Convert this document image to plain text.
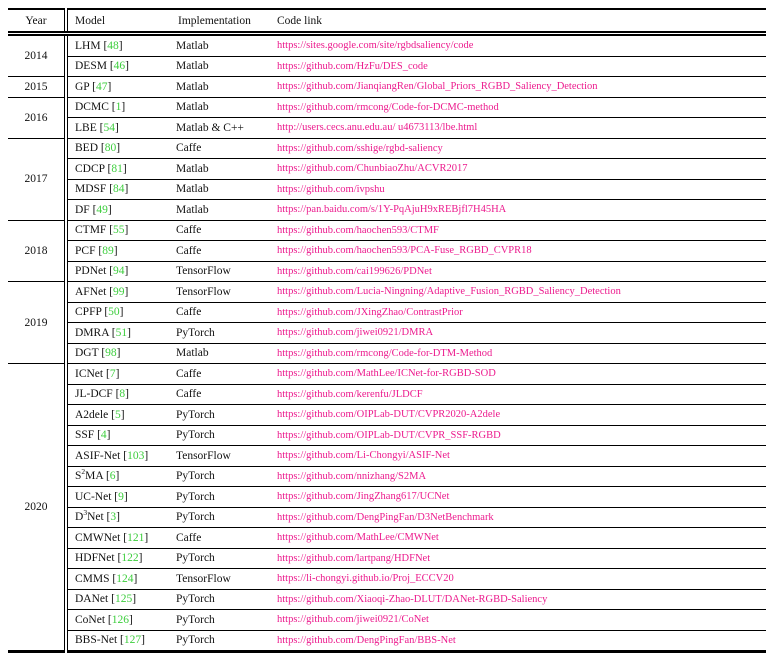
Year	Model	Implementation	Code link
2014	LHM [48]	Matlab	https://sites.google.com/site/rgbdsaliency/code
	DESM [46]	Matlab	https://github.com/HzFu/DES_code
2015	GP [47]	Matlab	https://github.com/JianqiangRen/Global_Priors_RGBD_Saliency_Detection
2016	DCMC [1]	Matlab	https://github.com/rmcong/Code-for-DCMC-method
	LBE [54]	Matlab & C++	http://users.cecs.anu.edu.au/ u4673113/lbe.html
2017	BED [80]	Caffe	https://github.com/sshige/rgbd-saliency
	CDCP [81]	Matlab	https://github.com/ChunbiaoZhu/ACVR2017
	MDSF [84]	Matlab	https://github.com/ivpshu
	DF [49]	Matlab	https://pan.baidu.com/s/1Y-PqAjuH9xREBjfl7H45HA
2018	CTMF [55]	Caffe	https://github.com/haochen593/CTMF
	PCF [89]	Caffe	https://github.com/haochen593/PCA-Fuse_RGBD_CVPR18
	PDNet [94]	TensorFlow	https://github.com/cai199626/PDNet
2019	AFNet [99]	TensorFlow	https://github.com/Lucia-Ningning/Adaptive_Fusion_RGBD_Saliency_Detection
	CPFP [50]	Caffe	https://github.com/JXingZhao/ContrastPrior
	DMRA [51]	PyTorch	https://github.com/jiwei0921/DMRA
	DGT [98]	Matlab	https://github.com/rmcong/Code-for-DTM-Method
2020	ICNet [7]	Caffe	https://github.com/MathLee/ICNet-for-RGBD-SOD
	JL-DCF [8]	Caffe	https://github.com/kerenfu/JLDCF
	A2dele [5]	PyTorch	https://github.com/OIPLab-DUT/CVPR2020-A2dele
	SSF [4]	PyTorch	https://github.com/OIPLab-DUT/CVPR_SSF-RGBD
	ASIF-Net [103]	TensorFlow	https://github.com/Li-Chongyi/ASIF-Net
	$S^2MA$ [6]	PyTorch	https://github.com/nnizhang/S2MA
	UC-Net [9]	PyTorch	https://github.com/JingZhang617/UCNet
	$D^3Net$ [3]	PyTorch	https://github.com/DengPingFan/D3NetBenchmark
	CMWNet [121]	Caffe	https://github.com/MathLee/CMWNet
	HDFNet [122]	PyTorch	https://github.com/lartpang/HDFNet
	CMMS [124]	TensorFlow	https://li-chongyi.github.io/Proj_ECCV20
	DANet [125]	PyTorch	https://github.com/Xiaoqi-Zhao-DLUT/DANet-RGBD-Saliency
	CoNet [126]	PyTorch	https://github.com/jiwei0921/CoNet
	BBS-Net [127]	PyTorch	https://github.com/DengPingFan/BBS-Net
